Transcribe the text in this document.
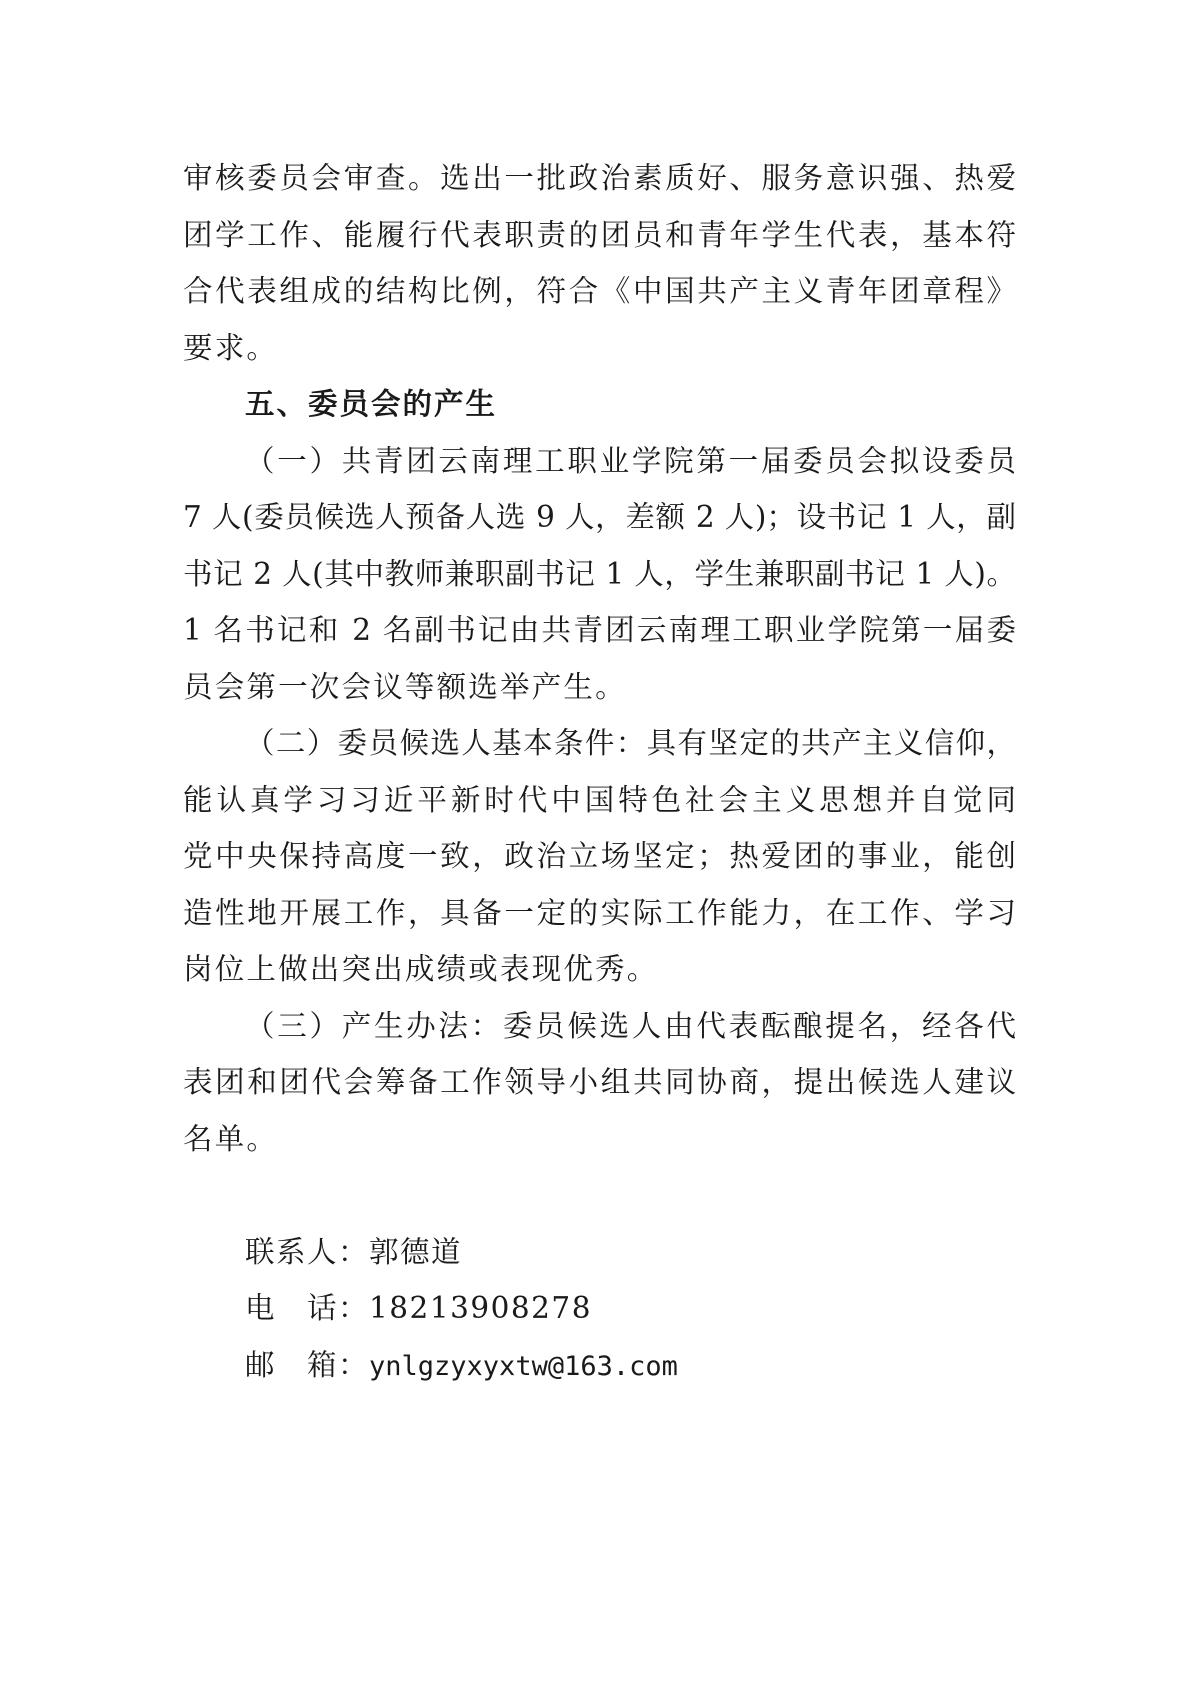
审核委员会审查。选出一批政治素质好、服务意识强、热爱
团学工作、能履行代表职责的团员和青年学生代表，基本符
合代表组成的结构比例，符合《中国共产主义青年团章程》
要求。
五、委员会的产生
（一）共青团云南理工职业学院第一届委员会拟设委员
7 人(委员候选人预备人选 9 人，差额 2 人)；设书记 1 人，副
书记 2 人(其中教师兼职副书记 1 人，学生兼职副书记 1 人)。
1 名书记和 2 名副书记由共青团云南理工职业学院第一届委
员会第一次会议等额选举产生。
（二）委员候选人基本条件：具有坚定的共产主义信仰，
能认真学习习近平新时代中国特色社会主义思想并自觉同
党中央保持高度一致，政治立场坚定；热爱团的事业，能创
造性地开展工作，具备一定的实际工作能力，在工作、学习
岗位上做出突出成绩或表现优秀。
（三）产生办法：委员候选人由代表酝酿提名，经各代
表团和团代会筹备工作领导小组共同协商，提出候选人建议
名单。
联系人：郭德道
电　话：18213908278
邮　箱：ynlgzyxyxtw@163.com
